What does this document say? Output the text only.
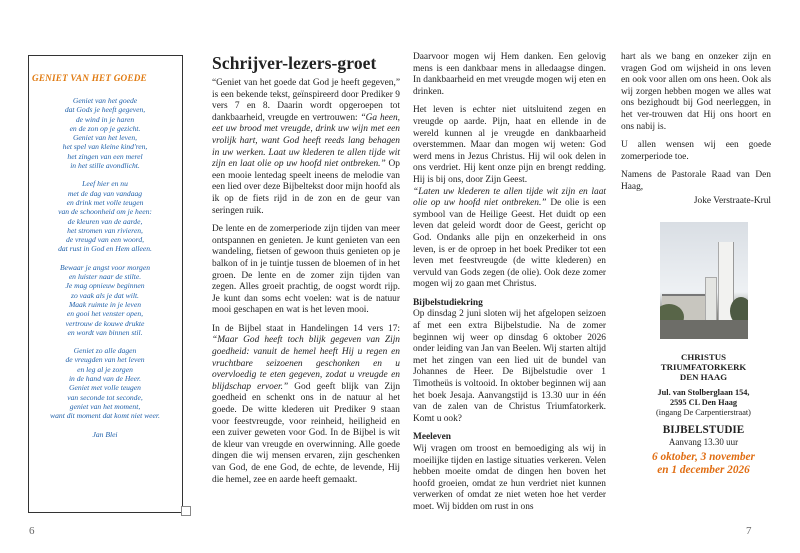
GENIET VAN HET GOEDE
Geniet van het goede
dat Gods je heeft gegeven,
de wind in je haren
en de zon op je gezicht.
Geniet van het leven,
het spel van kleine kind'ren,
het zingen van een merel
in het stille avondlicht.
Leef hier en nu
met de dag van vandaag
en drink met volle teugen
van de schoonheid om je heen:
de kleuren van de aarde,
het stromen van rivieren,
de vreugd van een woord,
dat rust in God en Hem alleen.
Bewaar je angst voor morgen
en luister naar de stilte.
Je mag opnieuw beginnen
zo vaak als je dat wilt.
Maak ruimte in je leven
en gooi het venster open,
vertrouw de kouwe drukte
en wordt van binnen stil.
Geniet zo alle dagen
de vreugden van het leven
en leg al je zorgen
in de hand van de Heer.
Geniet met volle teugen
van seconde tot seconde,
geniet van het moment,
want dit moment dat komt niet weer.
Jan Blei
Schrijver-lezers-groet

“Geniet van het goede dat God je heeft gegeven,” is een bekende tekst, geïnspireerd door Prediker 9 vers 7 en 8. Daarin wordt opgeroepen tot dankbaarheid, vreugde en vertrouwen: “Ga heen, eet uw brood met vreugde, drink uw wijn met een vrolijk hart, want God heeft reeds lang behagen in uw werken. Laat uw klederen te allen tijde wit zijn en laat olie op uw hoofd niet ontbreken.” Op een mooie lentedag speelt ineens de melodie van een lied over deze Bijbeltekst door mijn hoofd als ik op de fiets rijd in de zon en de geur van seringen ruik.

De lente en de zomerperiode zijn tijden van meer ontspannen en genieten. Je kunt genieten van een wandeling, fietsen of gewoon thuis genieten op je balkon of in je tuintje tussen de bloemen of in het groen. De lente en de zomer zijn tijden van zegen. Alles groeit prachtig, de oogst wordt rijp. Je kunt dan soms echt voelen: wat is de natuur mooi geschapen en wat is het leven mooi.

In de Bijbel staat in Handelingen 14 vers 17: “Maar God heeft toch blijk gegeven van Zijn goedheid: vanuit de hemel heeft Hij u regen en vruchtbare seizoenen geschonken en u overvloedig te eten gegeven, zodat u vreugde en blijdschap ervoer.” God geeft blijk van Zijn goedheid en schenkt ons in de natuur al het goede. De witte klederen uit Prediker 9 staan voor feestvreugde, voor reinheid, heiligheid en een zuiver geweten voor God. In de Bijbel is wit de kleur van vreugde en overwinning. Alle goede dingen die wij mensen ervaren, zijn geschenken van God, de ene God, de echte, de levende, Hij die hemel, zee en aarde heeft gemaakt.

Daarvoor mogen wij Hem danken. Een gelovig mens is een dankbaar mens in alledaagse dingen. In dankbaarheid en met vreugde mogen wij eten en drinken.

Het leven is echter niet uitsluitend zegen en vreugde op aarde. Pijn, haat en ellende in de wereld kunnen al je vreugde en dankbaarheid overstemmen. Maar dan mogen wij weten: God werd mens in Jezus Christus. Hij wil ook delen in ons verdriet. Hij kent onze pijn en brengt redding. Hij is bij ons, door Zijn Geest.

“Laten uw klederen te allen tijde wit zijn en laat olie op uw hoofd niet ontbreken.” De olie is een symbool van de Heilige Geest. Het duidt op een leven dat geleid wordt door de Geest, gericht op God. Ondanks alle pijn en onzekerheid in ons leven, is er de oproep in het boek Prediker tot een leven met feestvreugde (de witte klederen) en vervuld van Gods zegen (de olie). Ook deze zomer mogen wij zo gaan met Christus.

Bijbelstudiekring

Op dinsdag 2 juni sloten wij het afgelopen seizoen af met een extra Bijbelstudie. Na de zomer beginnen wij weer op dinsdag 6 oktober 2026 onder leiding van Jan van Beelen. Wij starten altijd met het zingen van een lied uit de bundel van Johannes de Heer. De Bijbelstudie over 1 Timotheüs is voltooid. In oktober beginnen wij aan het boek Jesaja. Aanvangstijd is 13.30 uur in één van de zalen van de Christus Triumfatorkerk. Komt u ook?

Meeleven

Wij vragen om troost en bemoediging als wij in moeilijke tijden en lastige situaties verkeren. Velen hebben moeite omdat de dingen hen boven het hoofd groeien, omdat ze hun verdriet niet kunnen verwerken of omdat ze niet weten hoe het verder moet. Wij bidden om rust in ons

hart als we bang en onzeker zijn en vragen God om wijsheid in ons leven en ook voor allen om ons heen. Ook als wij zorgen hebben mogen we alles wat ons bezighoudt bij God neerleggen, in het ver-trouwen dat Hij ons hoort en ons nabij is.

U allen wensen wij een goede zomerperiode toe.

Namens de Pastorale Raad van Den Haag,

Joke Verstraate-Krul

CHRISTUS
TRIUMFATORKERK
DEN HAAG
Jul. van Stolberglaan 154,
2595 CL Den Haag
(ingang De Carpentierstraat)
BIJBELSTUDIE
Aanvang 13.30 uur
6 oktober, 3 november
en 1 december 2026
6	7
